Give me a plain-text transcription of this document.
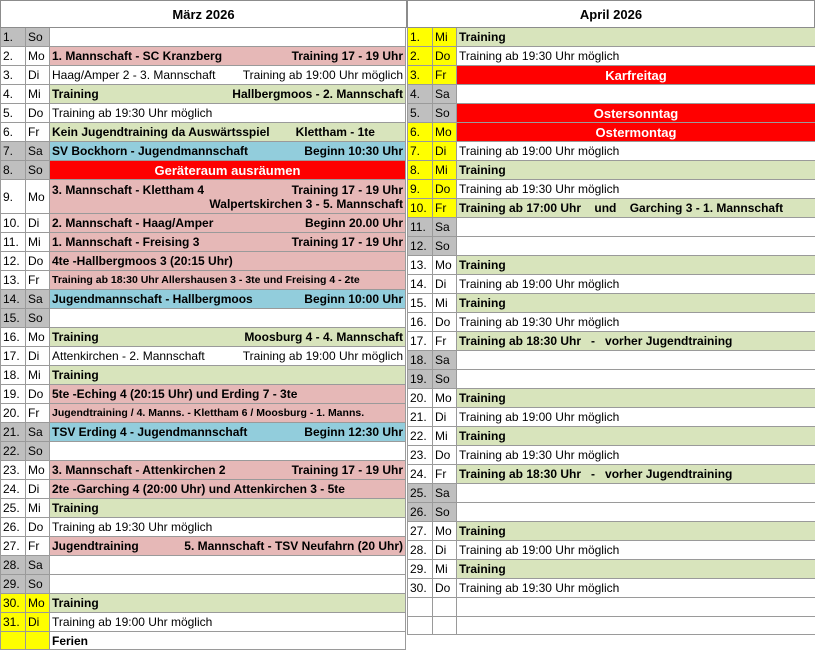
März 2026	April 2026
1.	So
2.	Mo 1. Mannschaft - SC Kranzberg	Training 17 - 19 Uhr
3.	Di	Haag/Amper 2 - 3. Mannschaft Training ab 19:00 Uhr möglich
4.	Mi Training	Hallbergmoos - 2. Mannschaft
5.	Do Training ab 19:30 Uhr möglich
6.	Fr	Kein Jugendtraining da Auswärtsspiel Klettham - 1te
7.	Sa SV Bockhorn - Jugendmannschaft	Beginn 10:30 Uhr
8.	So	Geräteraum ausräumen
9.	Mo 3. Mannschaft - Klettham 4	Training 17 - 19 Uhr
Walpertskirchen 3 - 5. Mannschaft
10. Di	2. Mannschaft - Haag/Amper	Beginn 20.00 Uhr
11. Mi 1. Mannschaft - Freising 3	Training 17 - 19 Uhr
12. Do 4te -Hallbergmoos 3 (20:15 Uhr)
13. Fr	Training ab 18:30 Uhr Allershausen 3 - 3te und Freising 4 - 2te
14. Sa Jugendmannschaft - Hallbergmoos	Beginn 10:00 Uhr
15. So
16. Mo Training	Moosburg 4 - 4. Mannschaft
17. Di	Attenkirchen - 2. Mannschaft	Training ab 19:00 Uhr möglich
18. Mi Training
19. Do 5te -Eching 4 (20:15 Uhr) und Erding 7 - 3te
20. Fr	Jugendtraining / 4. Manns. - Klettham 6 / Moosburg - 1. Manns.
21. Sa TSV Erding 4 - Jugendmannschaft	Beginn 12:30 Uhr
22. So
23. Mo 3. Mannschaft - Attenkirchen 2	Training 17 - 19 Uhr
24. Di	2te -Garching 4 (20:00 Uhr) und Attenkirchen 3 - 5te
25. Mi Training
26. Do Training ab 19:30 Uhr möglich
27. Fr	Jugendtraining	5. Mannschaft - TSV Neufahrn (20 Uhr)
28. Sa
29. So
30. Mo Training
31. Di	Training ab 19:00 Uhr möglich
Ferien
1.	Mi Training
2.	Do Training ab 19:30 Uhr möglich
3.	Fr	Karfreitag
4.	Sa
5.	So	Ostersonntag
6.	Mo	Ostermontag
7.	Di	Training ab 19:00 Uhr möglich
8.	Mi Training
9.	Do Training ab 19:30 Uhr möglich
10. Fr	Training ab 17:00 Uhr    und    Garching 3 - 1. Mannschaft
11. Sa
12. So
13. Mo Training
14. Di	Training ab 19:00 Uhr möglich
15. Mi Training
16. Do Training ab 19:30 Uhr möglich
17. Fr	Training ab 18:30 Uhr   -   vorher Jugendtraining
18. Sa
19. So
20. Mo Training
21. Di	Training ab 19:00 Uhr möglich
22. Mi Training
23. Do Training ab 19:30 Uhr möglich
24. Fr	Training ab 18:30 Uhr   -   vorher Jugendtraining
25. Sa
26. So
27. Mo Training
28. Di	Training ab 19:00 Uhr möglich
29. Mi Training
30. Do Training ab 19:30 Uhr möglich
